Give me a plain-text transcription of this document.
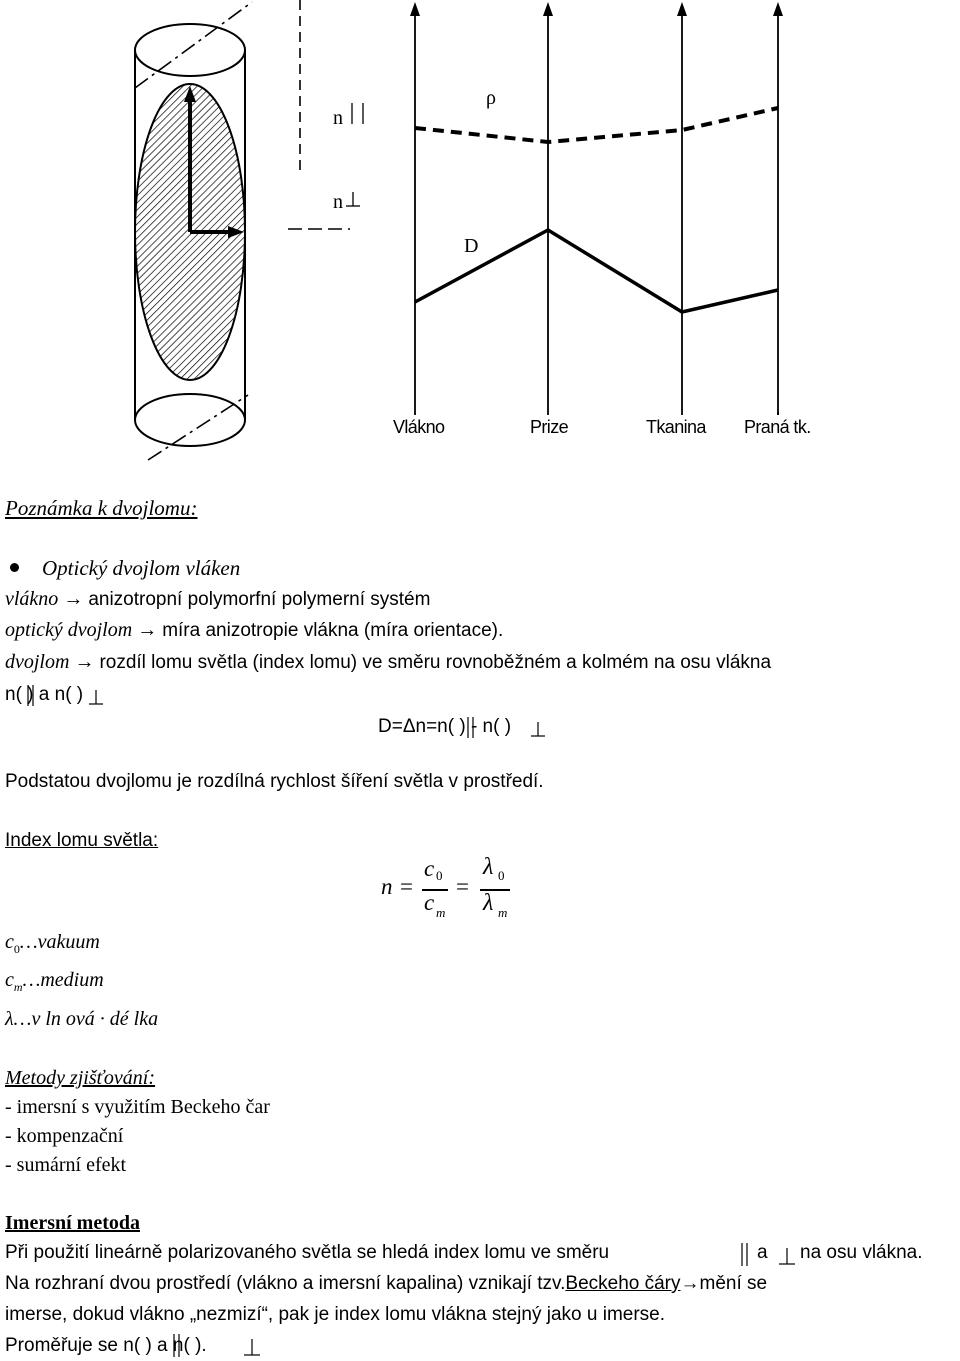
n
n
ρ
D
Vlákno	Prize	Tkanina Praná tk.
Poznámka k dvojlomu:
Optický dvojlom vláken
vlákno → anizotropní polymorfní polymerní systém
optický dvojlom → míra anizotropie vlákna (míra orientace).
dvojlom → rozdíl lomu světla (index lomu) ve směru rovnoběžném a kolmém na osu vlákna
n( ) a n( )
D=Δn=n( ) - n( )
Podstatou dvojlomu je rozdílná rychlost šíření světla v prostředí.
Index lomu světla:
n =
c 0
c m
=
λ 0
λ m
$c_0\dots vakuum$
$c_m\dots medium$
λ…v ln ová · dé lka
Metody zjišťování:
- imersní s využitím Beckeho čar
- kompenzační
- sumární efekt
Imersní metoda
Při použití lineárně polarizovaného světla se hledá index lomu ve směru	a na osu vlákna.
Na rozhraní dvou prostředí (vlákno a imersní kapalina) vznikají tzv.Beckeho čáry→mění se
imerse, dokud vlákno „nezmizí“, pak je index lomu vlákna stejný jako u imerse.
Proměřuje se n( ) a n( ).
